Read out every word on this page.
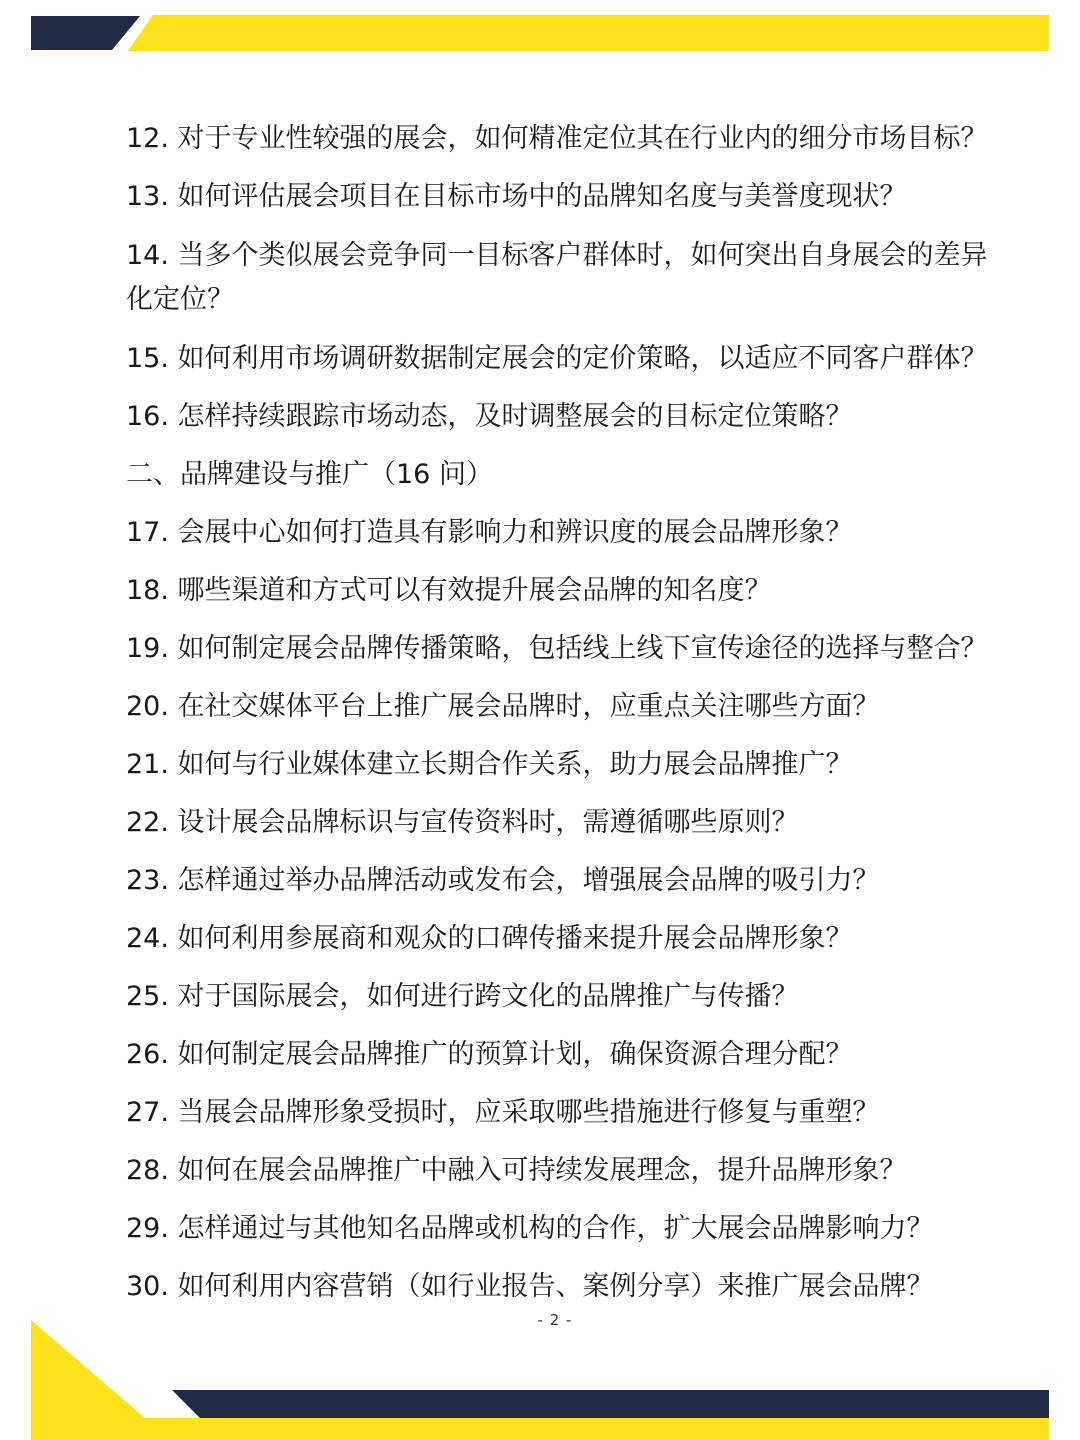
12. 对于专业性较强的展会，如何精准定位其在行业内的细分市场目标？

13. 如何评估展会项目在目标市场中的品牌知名度与美誉度现状？

14. 当多个类似展会竞争同一目标客户群体时，如何突出自身展会的差异化定位？

15. 如何利用市场调研数据制定展会的定价策略，以适应不同客户群体？

16. 怎样持续跟踪市场动态，及时调整展会的目标定位策略？

二、品牌建设与推广（16 问）

17. 会展中心如何打造具有影响力和辨识度的展会品牌形象？

18. 哪些渠道和方式可以有效提升展会品牌的知名度？

19. 如何制定展会品牌传播策略，包括线上线下宣传途径的选择与整合？

20. 在社交媒体平台上推广展会品牌时，应重点关注哪些方面？

21. 如何与行业媒体建立长期合作关系，助力展会品牌推广？

22. 设计展会品牌标识与宣传资料时，需遵循哪些原则？

23. 怎样通过举办品牌活动或发布会，增强展会品牌的吸引力？

24. 如何利用参展商和观众的口碑传播来提升展会品牌形象？

25. 对于国际展会，如何进行跨文化的品牌推广与传播？

26. 如何制定展会品牌推广的预算计划，确保资源合理分配？

27. 当展会品牌形象受损时，应采取哪些措施进行修复与重塑？

28. 如何在展会品牌推广中融入可持续发展理念，提升品牌形象？

29. 怎样通过与其他知名品牌或机构的合作，扩大展会品牌影响力？

30. 如何利用内容营销（如行业报告、案例分享）来推广展会品牌？

- 2 -
